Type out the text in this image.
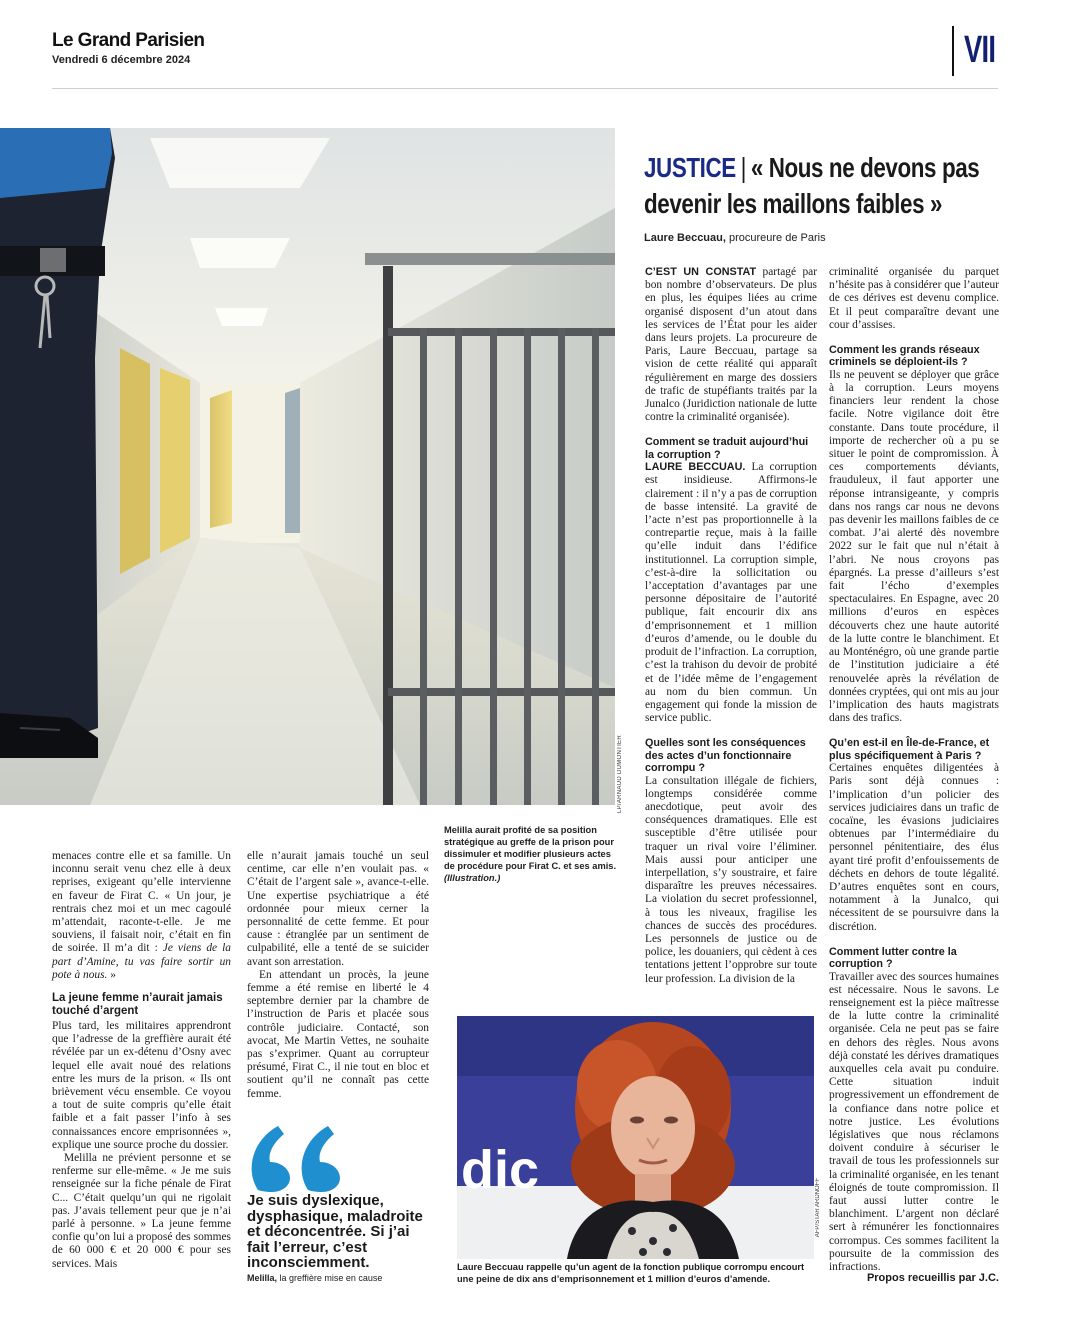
Le Grand Parisien
Vendredi 6 décembre 2024	VII
LP/ARNAUD DUMONTIER
JUSTICE | « Nous ne devons pas devenir les maillons faibles »
Laure Beccuau, procureure de Paris

C’EST UN CONSTAT partagé par bon nombre d’observateurs. De plus en plus, les équipes liées au crime organisé disposent d’un atout dans les services de l’État pour les aider dans leurs projets. La procureure de Paris, Laure Beccuau, partage sa vision de cette réalité qui apparaît régulièrement en marge des dossiers de trafic de stupéfiants traités par la Junalco (Juridiction nationale de lutte contre la criminalité organisée).

Comment se traduit aujourd’hui la corruption ?

LAURE BECCUAU. La corruption est insidieuse. Affirmons-le clairement : il n’y a pas de corruption de basse intensité. La gravité de l’acte n’est pas proportionnelle à la contrepartie reçue, mais à la faille qu’elle induit dans l’édifice institutionnel. La corruption simple, c’est-à-dire la sollicitation ou l’acceptation d’avantages par une personne dépositaire de l’autorité publique, fait encourir dix ans d’emprisonnement et 1 million d’euros d’amende, ou le double du produit de l’infraction. La corruption, c’est la trahison du devoir de probité et de l’idée même de l’engagement au nom du bien commun. Un engagement qui fonde la mission de service public.

Quelles sont les conséquences des actes d’un fonctionnaire corrompu ?

La consultation illégale de fichiers, longtemps considérée comme anecdotique, peut avoir des conséquences dramatiques. Elle est susceptible d’être utilisée pour traquer un rival voire l’éliminer. Mais aussi pour anticiper une interpellation, s’y soustraire, et faire disparaître les preuves nécessaires. La violation du secret professionnel, à tous les niveaux, fragilise les chances de succès des procédures. Les personnels de justice ou de police, les douaniers, qui cèdent à ces tentations jettent l’opprobre sur toute leur profession. La division de la

criminalité organisée du parquet n’hésite pas à considérer que l’auteur de ces dérives est devenu complice. Et il peut comparaître devant une cour d’assises.

Comment les grands réseaux criminels se déploient-ils ?

Ils ne peuvent se déployer que grâce à la corruption. Leurs moyens financiers leur rendent la chose facile. Notre vigilance doit être constante. Dans toute procédure, il importe de rechercher où a pu se situer le point de compromission. À ces comportements déviants, frauduleux, il faut apporter une réponse intransigeante, y compris dans nos rangs car nous ne devons pas devenir les maillons faibles de ce combat. J’ai alerté dès novembre 2022 sur le fait que nul n’était à l’abri. Ne nous croyons pas épargnés. La presse d’ailleurs s’est fait l’écho d’exemples spectaculaires. En Espagne, avec 20 millions d’euros en espèces découverts chez une haute autorité de la lutte contre le blanchiment. Et au Monténégro, où une grande partie de l’institution judiciaire a été renouvelée après la révélation de données cryptées, qui ont mis au jour l’implication des hauts magistrats dans des trafics.

Qu’en est-il en Île-de-France, et plus spécifiquement à Paris ?

Certaines enquêtes diligentées à Paris sont déjà connues : l’implication d’un policier des services judiciaires dans un trafic de cocaïne, les évasions judiciaires obtenues par l’intermédiaire du personnel pénitentiaire, des élus ayant tiré profit d’enfouissements de déchets en dehors de toute légalité. D’autres enquêtes sont en cours, notamment à la Junalco, qui nécessitent de se poursuivre dans la discrétion.

Comment lutter contre la corruption ?

Travailler avec des sources humaines est nécessaire. Nous le savons. Le renseignement est la pièce maîtresse de la lutte contre la criminalité organisée. Cela ne peut pas se faire en dehors des règles. Nous avons déjà constaté les dérives dramatiques auxquelles cela avait pu conduire. Cette situation induit progressivement un effondrement de la confiance dans notre police et notre justice. Les évolutions législatives que nous réclamons doivent conduire à sécuriser le travail de tous les professionnels sur la criminalité organisée, en les tenant éloignés de toute compromission. Il faut aussi lutter contre le blanchiment. L’argent non déclaré sert à rémunérer les fonctionnaires corrompus. Ces sommes facilitent la poursuite de la commission des infractions.

Propos recueillis par J.C.

menaces contre elle et sa famille. Un inconnu serait venu chez elle à deux reprises, exigeant qu’elle intervienne en faveur de Firat C. « Un jour, je rentrais chez moi et un mec cagoulé m’attendait, raconte-t-elle. Je me souviens, il faisait noir, c’était en fin de soirée. Il m’a dit : Je viens de la part d’Amine, tu vas faire sortir un pote à nous. »

La jeune femme n’aurait jamais touché d’argent

Plus tard, les militaires apprendront que l’adresse de la greffière aurait été révélée par un ex-détenu d’Osny avec lequel elle avait noué des relations entre les murs de la prison. « Ils ont brièvement vécu ensemble. Ce voyou a tout de suite compris qu’elle était faible et a fait passer l’info à ses connaissances encore emprisonnées », explique une source proche du dossier.

Melilla ne prévient personne et se renferme sur elle-même. « Je me suis renseignée sur la fiche pénale de Firat C... C’était quelqu’un qui ne rigolait pas. J’avais tellement peur que je n’ai parlé à personne. » La jeune femme confie qu’on lui a proposé des sommes de 60 000 € et 20 000 € pour ses services. Mais

elle n’aurait jamais touché un seul centime, car elle n’en voulait pas. « C’était de l’argent sale », avance-t-elle. Une expertise psychiatrique a été ordonnée pour mieux cerner la personnalité de cette femme. Et pour cause : étranglée par un sentiment de culpabilité, elle a tenté de se suicider avant son arrestation.

En attendant un procès, la jeune femme a été remise en liberté le 4 septembre dernier par la chambre de l’instruction de Paris et placée sous contrôle judiciaire. Contacté, son avocat, Me Martin Vettes, ne souhaite pas s’exprimer. Quant au corrupteur présumé, Firat C., il nie tout en bloc et soutient qu’il ne connaît pas cette femme.

Melilla aurait profité de sa position stratégique au greffe de la prison pour dissimuler et modifier plusieurs actes de procédure pour Firat C. et ses amis. (Illustration.)
Je suis dyslexique, dysphasique, maladroite et déconcentrée. Si j’ai fait l’erreur, c’est inconsciemment.
Melilla, la greffière mise en cause
dic
AFP/STAR ARDNOFF
Laure Beccuau rappelle qu’un agent de la fonction publique corrompu encourt une peine de dix ans d’emprisonnement et 1 million d’euros d’amende.
